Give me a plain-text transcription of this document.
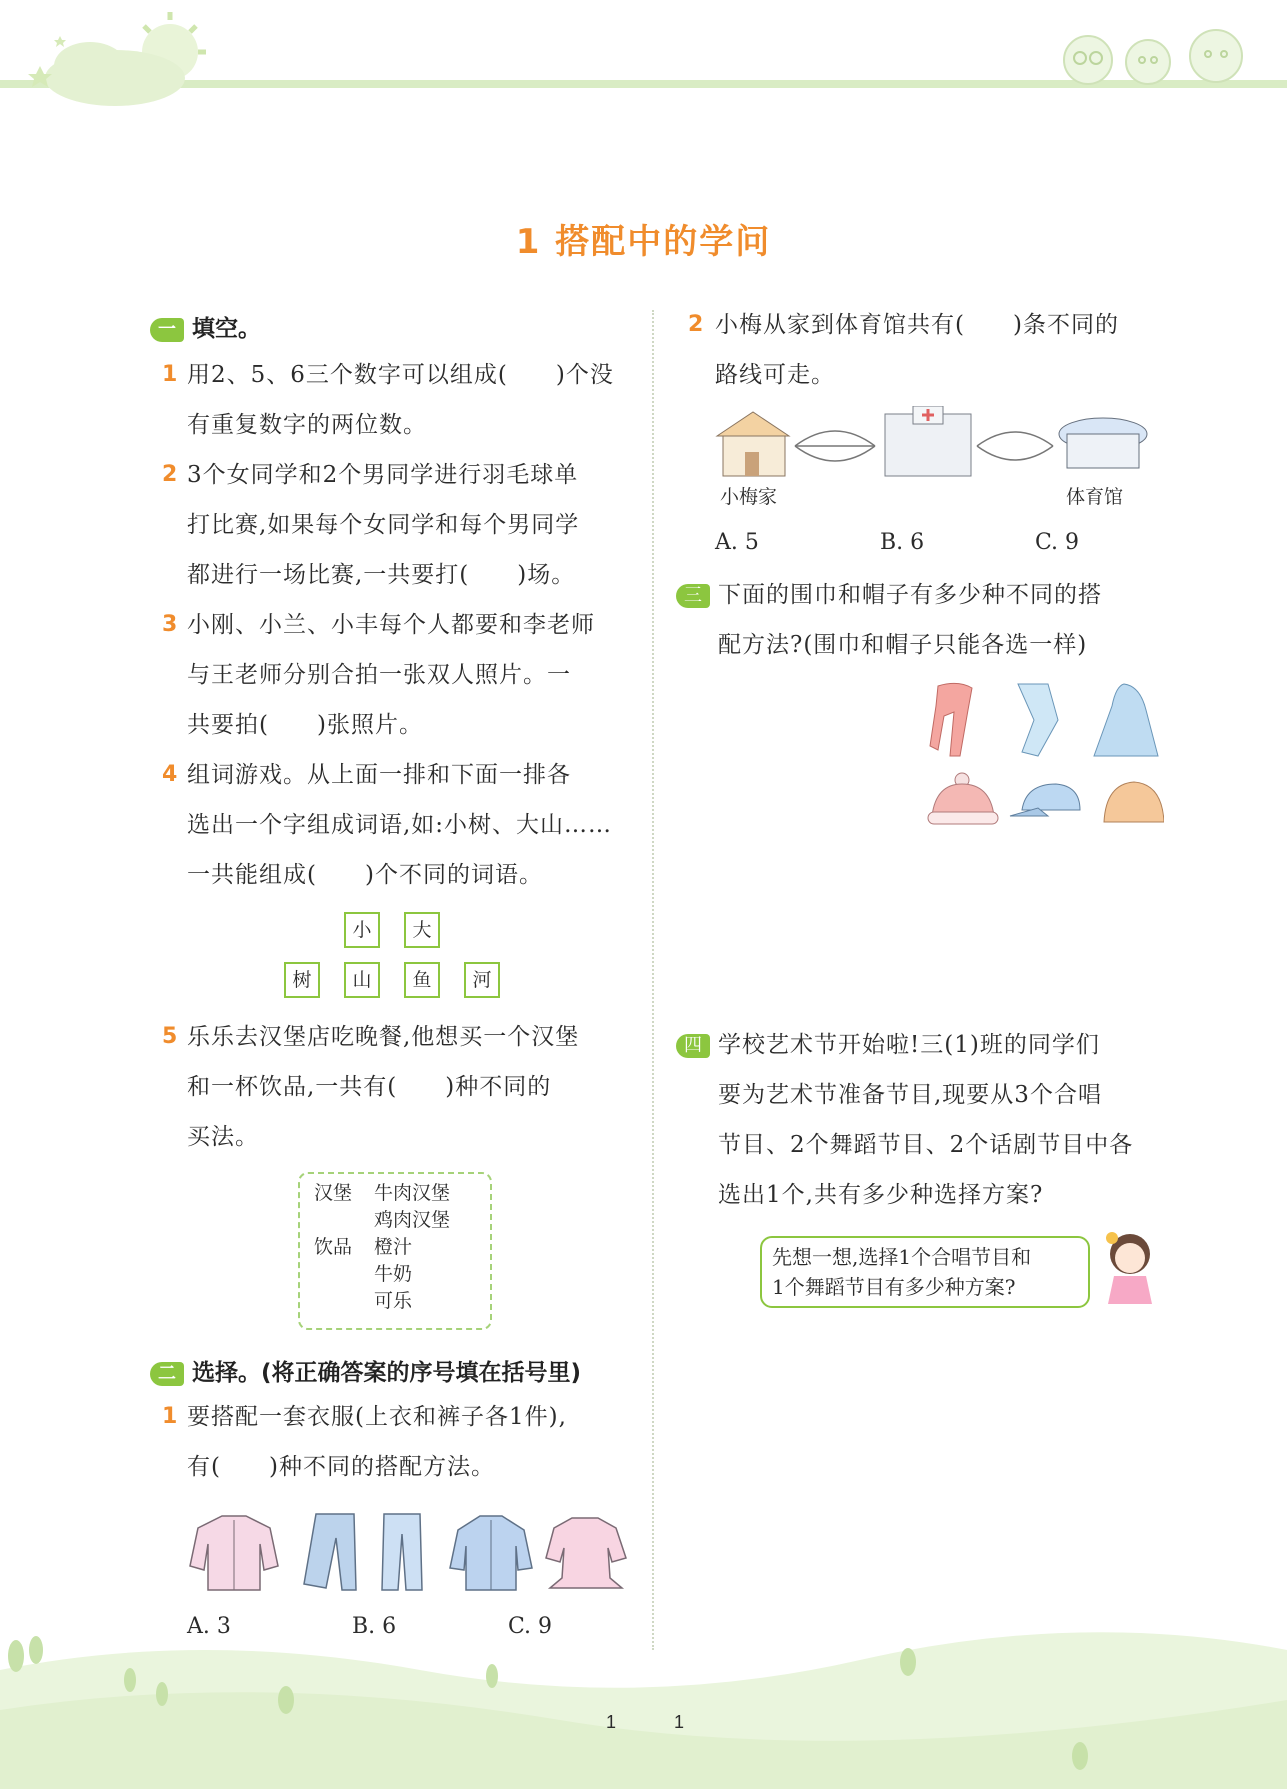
1 搭配中的学问
一 填空。
1 用2、5、6三个数字可以组成(　　)个没
有重复数字的两位数。
2 3个女同学和2个男同学进行羽毛球单
打比赛,如果每个女同学和每个男同学
都进行一场比赛,一共要打(　　)场。
3 小刚、小兰、小丰每个人都要和李老师
与王老师分别合拍一张双人照片。一
共要拍(　　)张照片。
4 组词游戏。从上面一排和下面一排各
选出一个字组成词语,如:小树、大山……
一共能组成(　　)个不同的词语。
小	大
树	山	鱼	河
5 乐乐去汉堡店吃晚餐,他想买一个汉堡
和一杯饮品,一共有(　　)种不同的
买法。
汉堡 牛肉汉堡
鸡肉汉堡
饮品 橙汁
牛奶
可乐
二 选择。(将正确答案的序号填在括号里)
1 要搭配一套衣服(上衣和裤子各1件),
有(　　)种不同的搭配方法。
A. 3	B. 6	C. 9
2 小梅从家到体育馆共有(　　)条不同的
路线可走。
小梅家	体育馆
A. 5	B. 6	C. 9
三 下面的围巾和帽子有多少种不同的搭
配方法?(围巾和帽子只能各选一样)
四 学校艺术节开始啦!三(1)班的同学们
要为艺术节准备节目,现要从3个合唱
节目、2个舞蹈节目、2个话剧节目中各
选出1个,共有多少种选择方案?
先想一想,选择1个合唱节目和
1个舞蹈节目有多少种方案?
1	1
